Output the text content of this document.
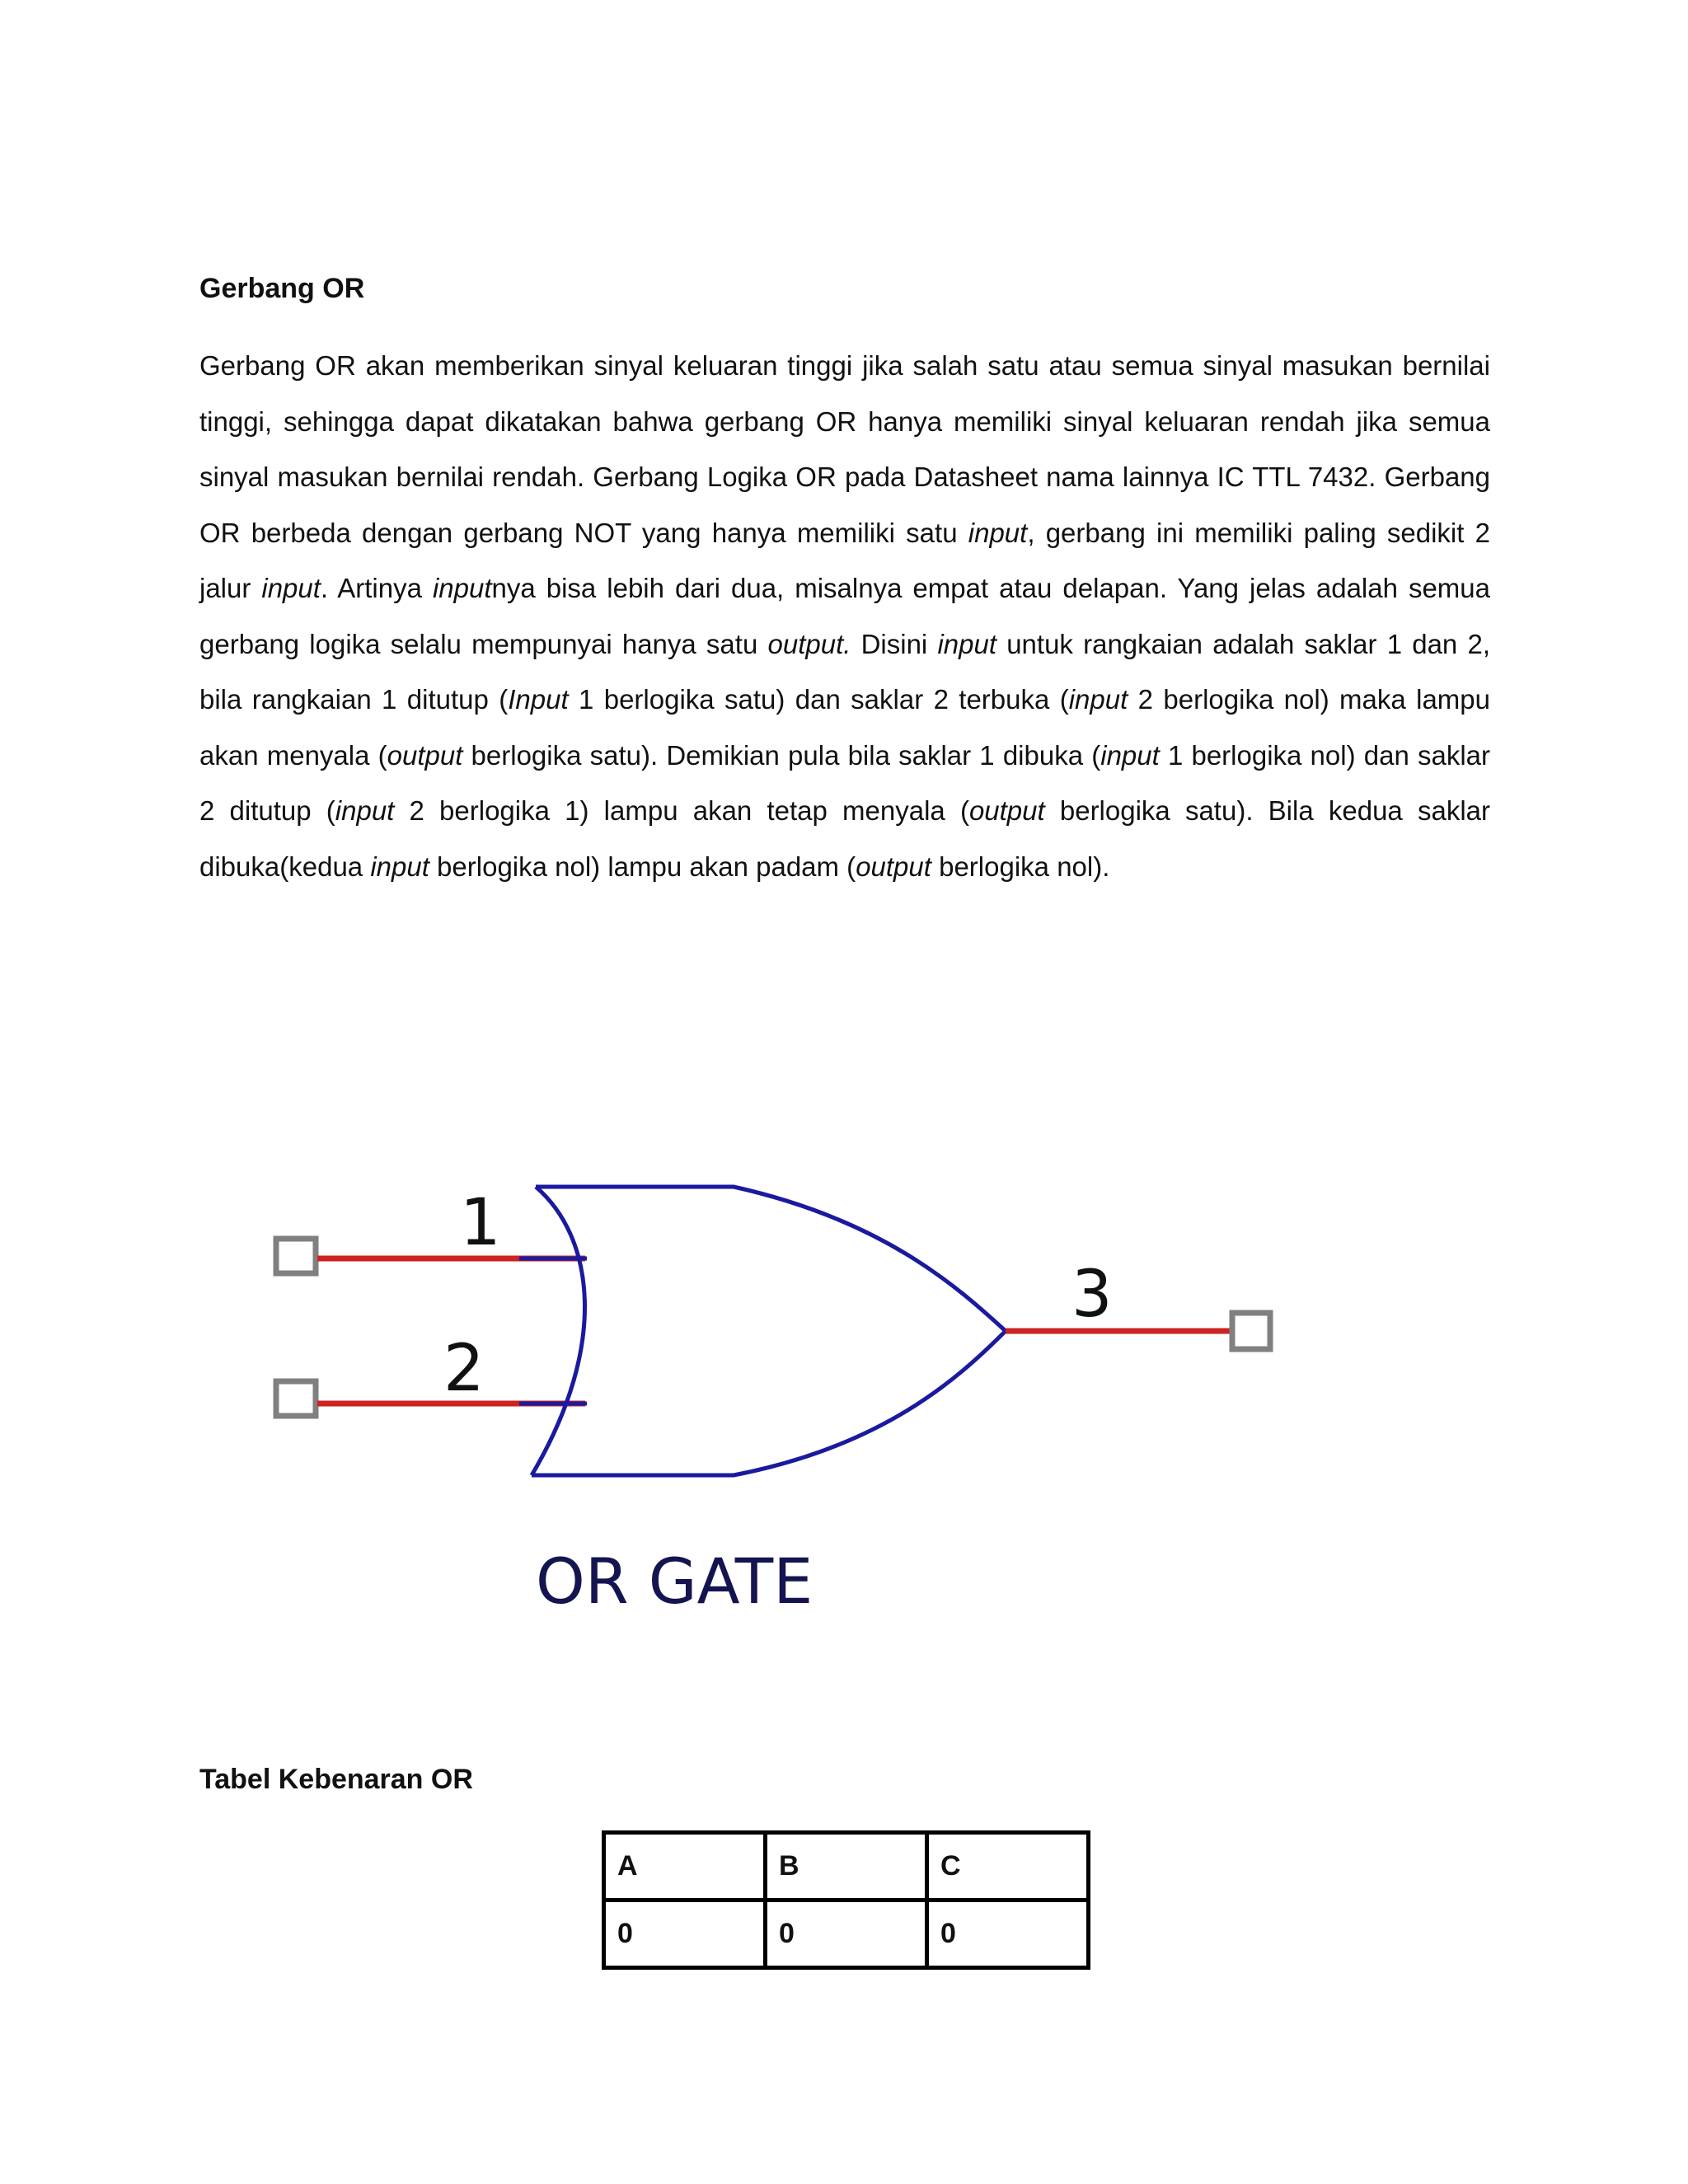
Gerbang OR
Gerbang OR akan memberikan sinyal keluaran tinggi jika salah satu atau semua sinyal masukan bernilai tinggi, sehingga dapat dikatakan bahwa gerbang OR hanya memiliki sinyal keluaran rendah jika semua sinyal masukan bernilai rendah. Gerbang Logika OR pada Datasheet nama lainnya IC TTL 7432. Gerbang OR berbeda dengan gerbang NOT yang hanya memiliki satu input, gerbang ini memiliki paling sedikit 2 jalur input. Artinya inputnya bisa lebih dari dua, misalnya empat atau delapan. Yang jelas adalah semua gerbang logika selalu mempunyai hanya satu output. Disini input untuk rangkaian adalah saklar 1 dan 2, bila rangkaian 1 ditutup (Input 1 berlogika satu) dan saklar 2 terbuka (input 2 berlogika nol) maka lampu akan menyala (output berlogika satu). Demikian pula bila saklar 1 dibuka (input 1 berlogika nol) dan saklar 2 ditutup (input 2 berlogika 1) lampu akan tetap menyala (output berlogika satu). Bila kedua saklar dibuka(kedua input berlogika nol) lampu akan padam (output berlogika nol).
1
2
3
OR GATE
Tabel Kebenaran OR
A	B	C
0	0	0
